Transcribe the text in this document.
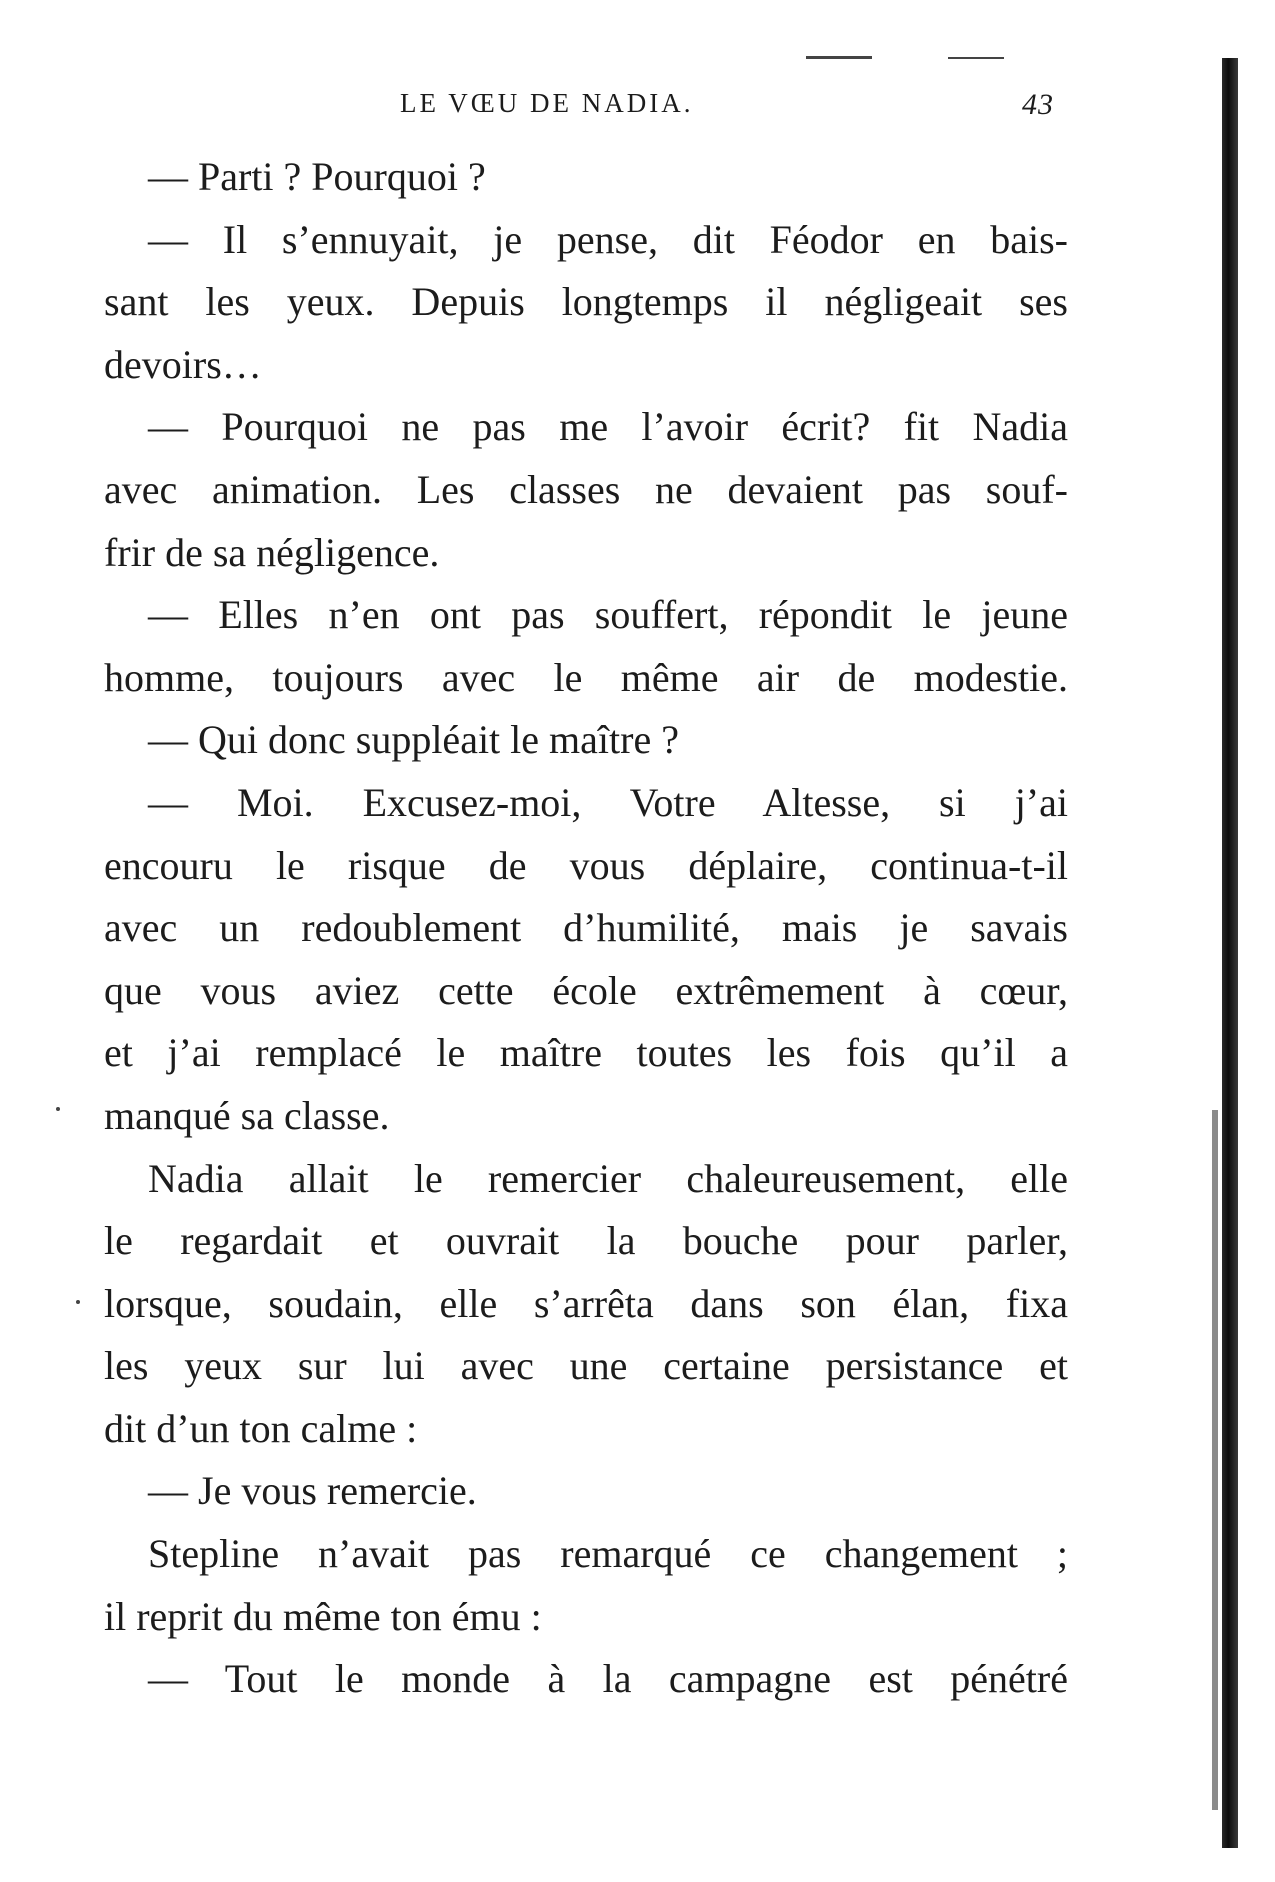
LE VŒU DE NADIA.	43
— Parti ? Pourquoi ?
— Il s’ennuyait, je pense, dit Féodor en bais-
sant les yeux. Depuis longtemps il négligeait ses
devoirs…
— Pourquoi ne pas me l’avoir écrit? fit Nadia
avec animation. Les classes ne devaient pas souf-
frir de sa négligence.
— Elles n’en ont pas souffert, répondit le jeune
homme, toujours avec le même air de modestie.
— Qui donc suppléait le maître ?
— Moi. Excusez-moi, Votre Altesse, si j’ai
encouru le risque de vous déplaire, continua-t-il
avec un redoublement d’humilité, mais je savais
que vous aviez cette école extrêmement à cœur,
et j’ai remplacé le maître toutes les fois qu’il a
manqué sa classe.
Nadia allait le remercier chaleureusement, elle
le regardait et ouvrait la bouche pour parler,
lorsque, soudain, elle s’arrêta dans son élan, fixa
les yeux sur lui avec une certaine persistance et
dit d’un ton calme :
— Je vous remercie.
Stepline n’avait pas remarqué ce changement ;
il reprit du même ton ému :
— Tout le monde à la campagne est pénétré
